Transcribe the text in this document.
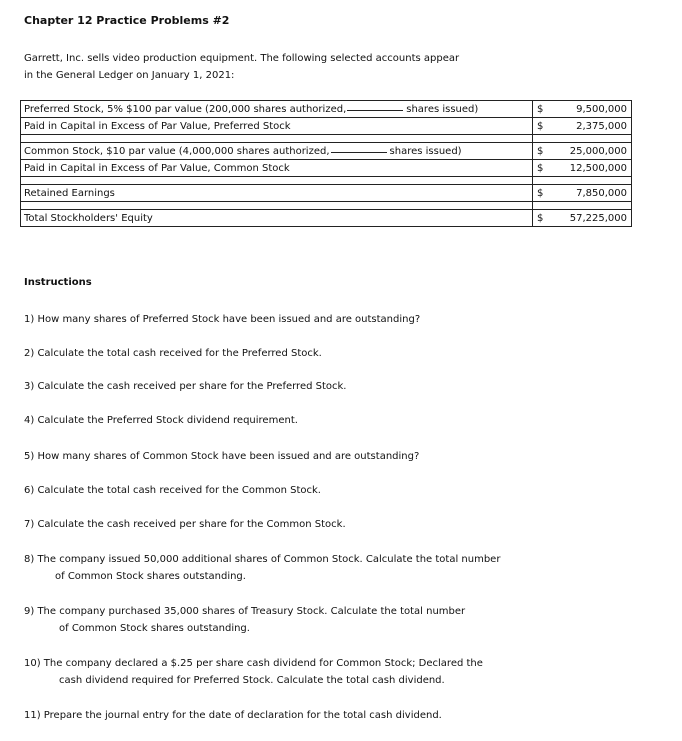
Chapter 12 Practice Problems #2
Garrett, Inc. sells video production equipment. The following selected accounts appear
in the General Ledger on January 1, 2021:
Preferred Stock, 5% $100 par value (200,000 shares authorized, shares issued)	$	9,500,000
Paid in Capital in Excess of Par Value, Preferred Stock	$	2,375,000

Common Stock, $10 par value (4,000,000 shares authorized, shares issued)	$	25,000,000
Paid in Capital in Excess of Par Value, Common Stock	$	12,500,000

Retained Earnings	$	7,850,000

Total Stockholders' Equity	$	57,225,000
Instructions
1) How many shares of Preferred Stock have been issued and are outstanding?
2) Calculate the total cash received for the Preferred Stock.
3) Calculate the cash received per share for the Preferred Stock.
4) Calculate the Preferred Stock dividend requirement.
5) How many shares of Common Stock have been issued and are outstanding?
6) Calculate the total cash received for the Common Stock.
7) Calculate the cash received per share for the Common Stock.
8) The company issued 50,000 additional shares of Common Stock. Calculate the total number
of Common Stock shares outstanding.
9) The company purchased 35,000 shares of Treasury Stock. Calculate the total number
of Common Stock shares outstanding.
10) The company declared a $.25 per share cash dividend for Common Stock; Declared the
cash dividend required for Preferred Stock. Calculate the total cash dividend.
11) Prepare the journal entry for the date of declaration for the total cash dividend.
